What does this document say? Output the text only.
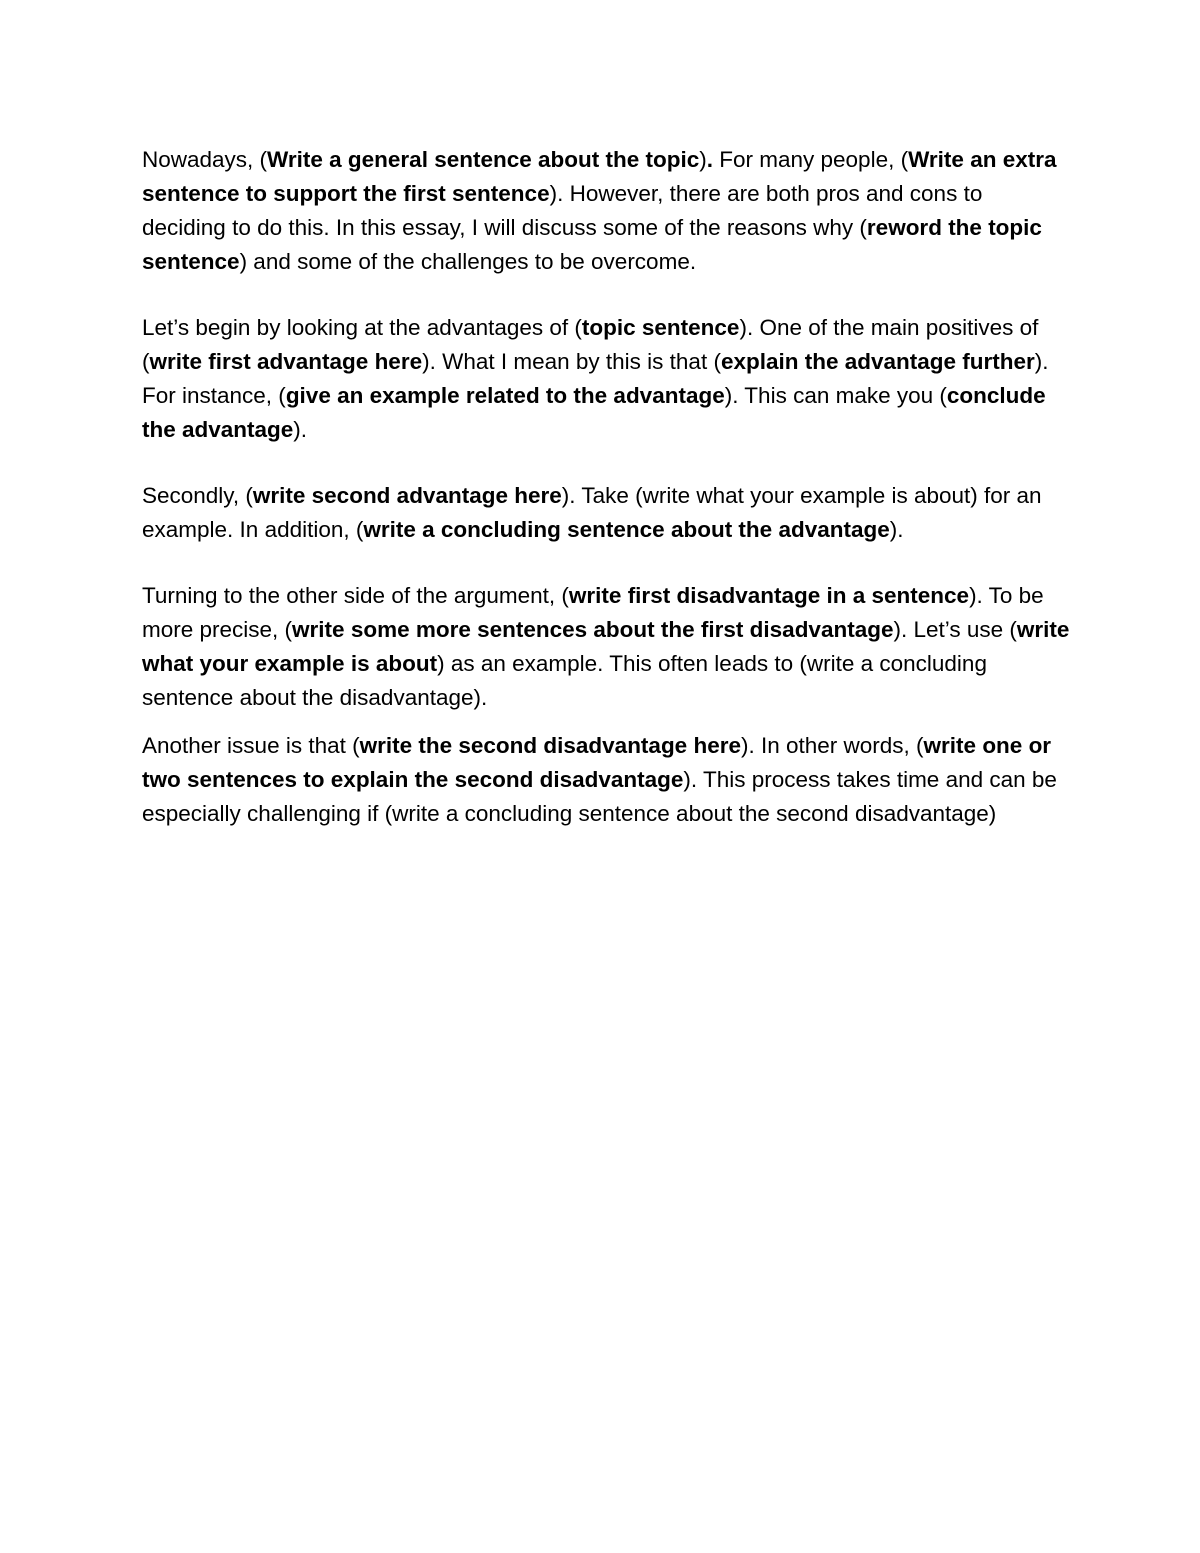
Nowadays, (Write a general sentence about the topic). For many people, (Write an extra sentence to support the first sentence). However, there are both pros and cons to deciding to do this. In this essay, I will discuss some of the reasons why (reword the topic sentence) and some of the challenges to be overcome.

Let’s begin by looking at the advantages of (topic sentence). One of the main positives of (write first advantage here). What I mean by this is that (explain the advantage further). For instance, (give an example related to the advantage). This can make you (conclude the advantage).

Secondly, (write second advantage here). Take (write what your example is about) for an example. In addition, (write a concluding sentence about the advantage).

Turning to the other side of the argument, (write first disadvantage in a sentence). To be more precise, (write some more sentences about the first disadvantage). Let’s use (write what your example is about) as an example. This often leads to (write a concluding sentence about the disadvantage).

Another issue is that (write the second disadvantage here). In other words, (write one or two sentences to explain the second disadvantage). This process takes time and can be especially challenging if (write a concluding sentence about the second disadvantage)
